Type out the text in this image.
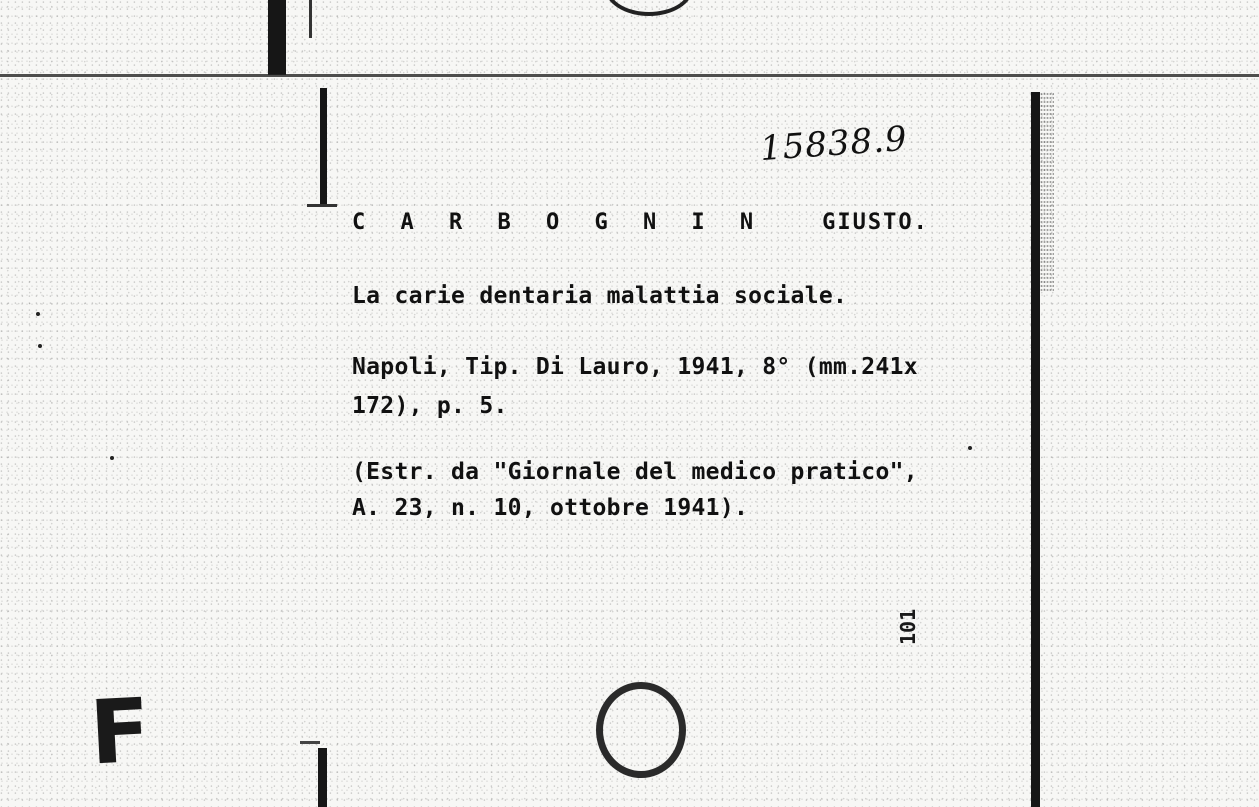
15838.9
C A R B O G N I N	GIUSTO.
La carie dentaria malattia sociale.
Napoli, Tip. Di Lauro, 1941, 8° (mm.241x
172), p. 5.
(Estr. da "Giornale del medico pratico",
A. 23, n. 10, ottobre 1941).
F
101
